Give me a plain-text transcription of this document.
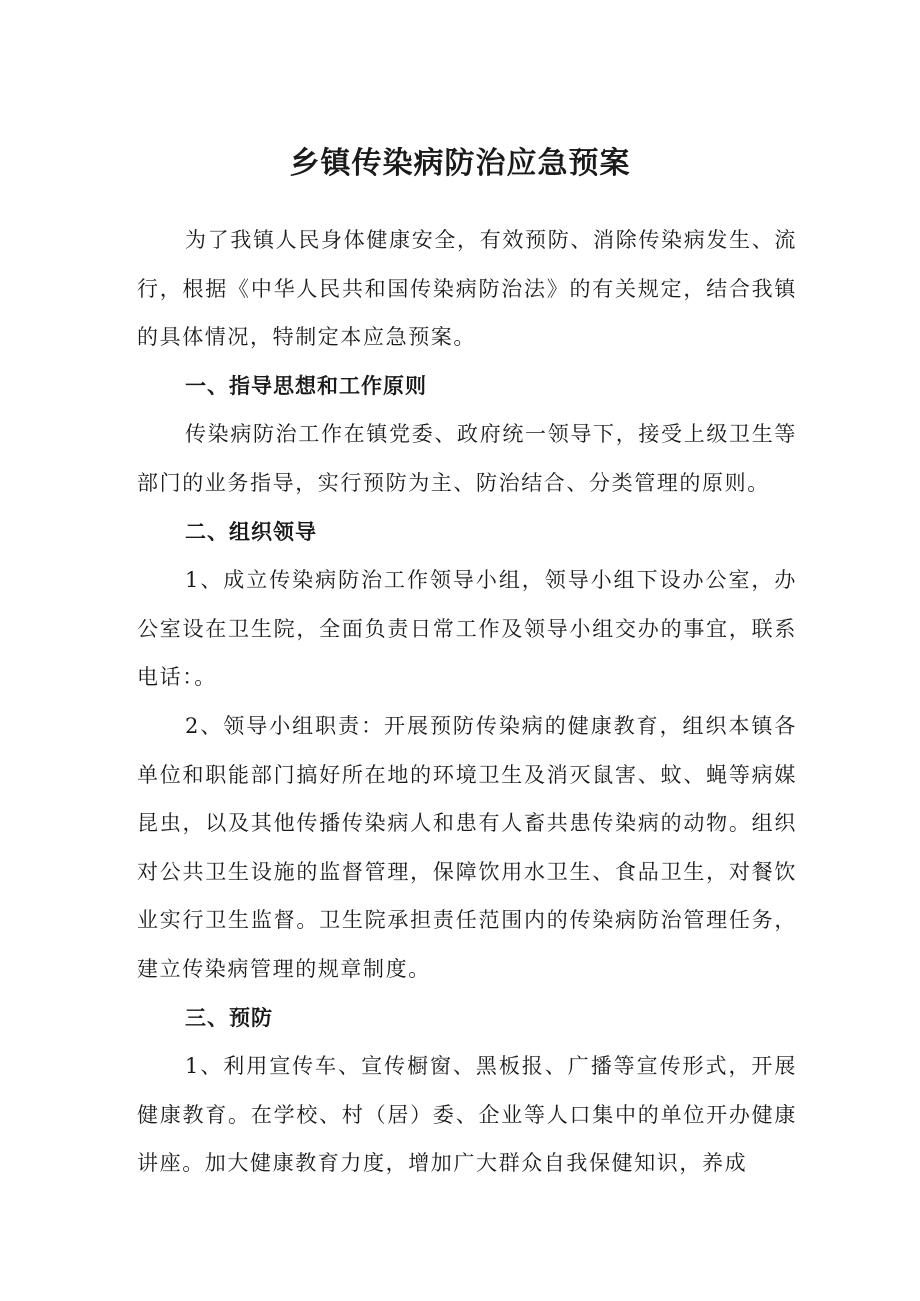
乡镇传染病防治应急预案

为了我镇人民身体健康安全，有效预防、消除传染病发生、流行，根据《中华人民共和国传染病防治法》的有关规定，结合我镇的具体情况，特制定本应急预案。

一、指导思想和工作原则

传染病防治工作在镇党委、政府统一领导下，接受上级卫生等部门的业务指导，实行预防为主、防治结合、分类管理的原则。

二、组织领导

1、成立传染病防治工作领导小组，领导小组下设办公室，办公室设在卫生院，全面负责日常工作及领导小组交办的事宜，联系电话：。

2、领导小组职责：开展预防传染病的健康教育，组织本镇各单位和职能部门搞好所在地的环境卫生及消灭鼠害、蚊、蝇等病媒昆虫，以及其他传播传染病人和患有人畜共患传染病的动物。组织对公共卫生设施的监督管理，保障饮用水卫生、食品卫生，对餐饮业实行卫生监督。卫生院承担责任范围内的传染病防治管理任务，建立传染病管理的规章制度。

三、预防

1、利用宣传车、宣传橱窗、黑板报、广播等宣传形式，开展健康教育。在学校、村（居）委、企业等人口集中的单位开办健康讲座。加大健康教育力度，增加广大群众自我保健知识，养成
